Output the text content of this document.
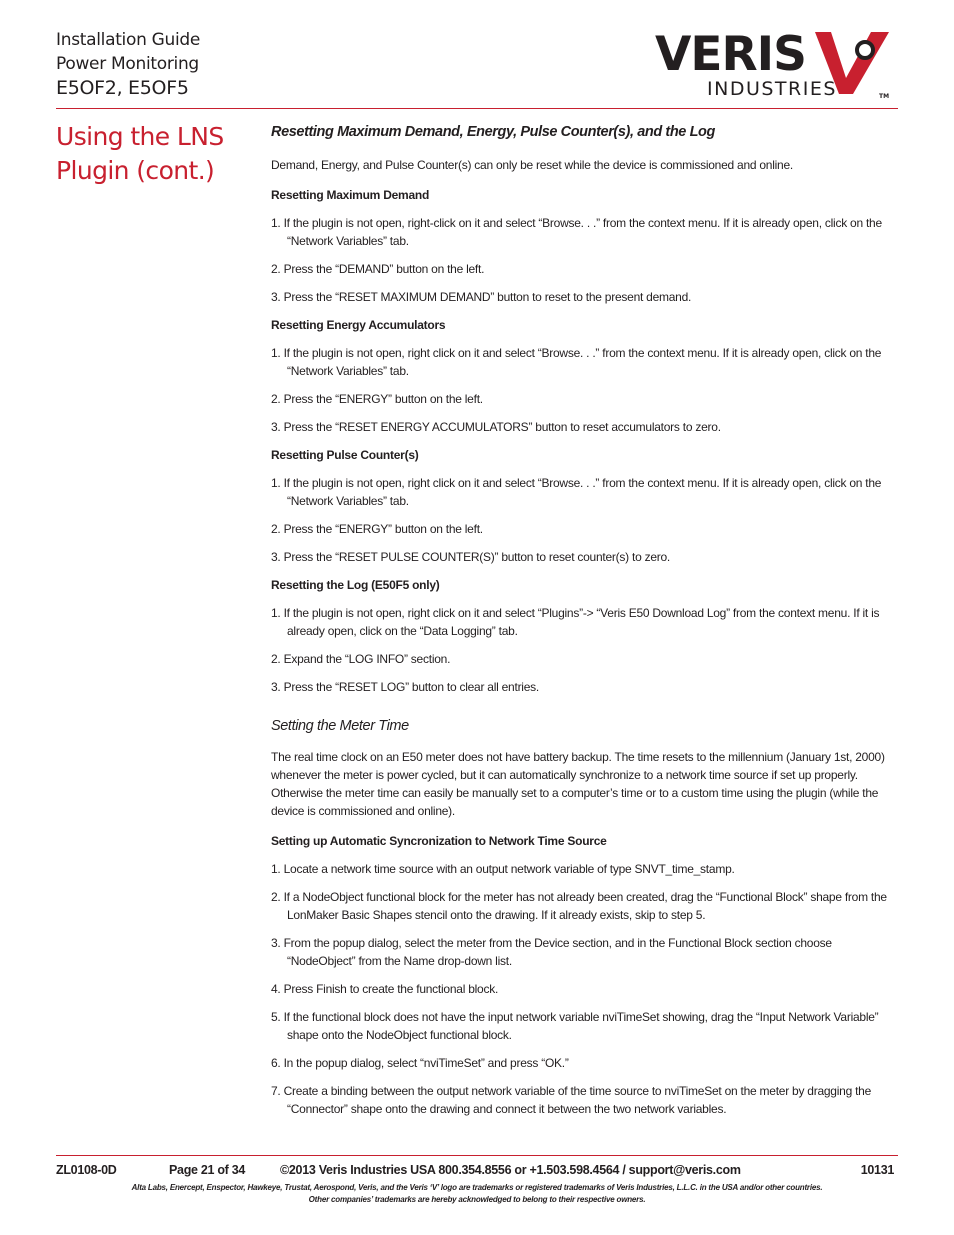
Installation Guide
Power Monitoring
E5OF2, E5OF5
VERIS
INDUSTRIES	TM
Using the LNS Plugin (cont.)
Resetting Maximum Demand, Energy, Pulse Counter(s), and the Log
Demand, Energy, and Pulse Counter(s) can only be reset while the device is commissioned and online.
Resetting Maximum Demand
1. If the plugin is not open, right-click on it and select “Browse. . .” from the context menu. If it is already open, click on the “Network Variables” tab.
2. Press the “DEMAND” button on the left.
3. Press the “RESET MAXIMUM DEMAND” button to reset to the present demand.
Resetting Energy Accumulators
1. If the plugin is not open, right click on it and select “Browse. . .” from the context menu. If it is already open, click on the “Network Variables” tab.
2. Press the “ENERGY” button on the left.
3. Press the “RESET ENERGY ACCUMULATORS” button to reset accumulators to zero.
Resetting Pulse Counter(s)
1. If the plugin is not open, right click on it and select “Browse. . .” from the context menu. If it is already open, click on the “Network Variables” tab.
2. Press the “ENERGY” button on the left.
3. Press the “RESET PULSE COUNTER(S)” button to reset counter(s) to zero.
Resetting the Log (E50F5 only)
1. If the plugin is not open, right click on it and select “Plugins”-> “Veris E50 Download Log” from the context menu. If it is already open, click on the “Data Logging” tab.
2. Expand the “LOG INFO” section.
3. Press the “RESET LOG” button to clear all entries.
Setting the Meter Time
The real time clock on an E50 meter does not have battery backup. The time resets to the millennium (January 1st, 2000) whenever the meter is power cycled, but it can automatically synchronize to a network time source if set up properly. Otherwise the meter time can easily be manually set to a computer’s time or to a custom time using the plugin (while the device is commissioned and online).
Setting up Automatic Syncronization to Network Time Source
1. Locate a network time source with an output network variable of type SNVT_time_stamp.
2. If a NodeObject functional block for the meter has not already been created, drag the “Functional Block” shape from the LonMaker Basic Shapes stencil onto the drawing. If it already exists, skip to step 5.
3. From the popup dialog, select the meter from the Device section, and in the Functional Block section choose “NodeObject” from the Name drop-down list.
4. Press Finish to create the functional block.
5. If the functional block does not have the input network variable nviTimeSet showing, drag the “Input Network Variable” shape onto the NodeObject functional block.
6. In the popup dialog, select “nviTimeSet” and press “OK.”
7. Create a binding between the output network variable of the time source to nviTimeSet on the meter by dragging the “Connector” shape onto the drawing and connect it between the two network variables.
ZL0108-0D	Page 21 of 34	©2013 Veris Industries USA 800.354.8556 or +1.503.598.4564 / support@veris.com	10131
Alta Labs, Enercept, Enspector, Hawkeye, Trustat, Aerospond, Veris, and the Veris ‘V’ logo are trademarks or registered trademarks of Veris Industries, L.L.C. in the USA and/or other countries.
Other companies’ trademarks are hereby acknowledged to belong to their respective owners.
